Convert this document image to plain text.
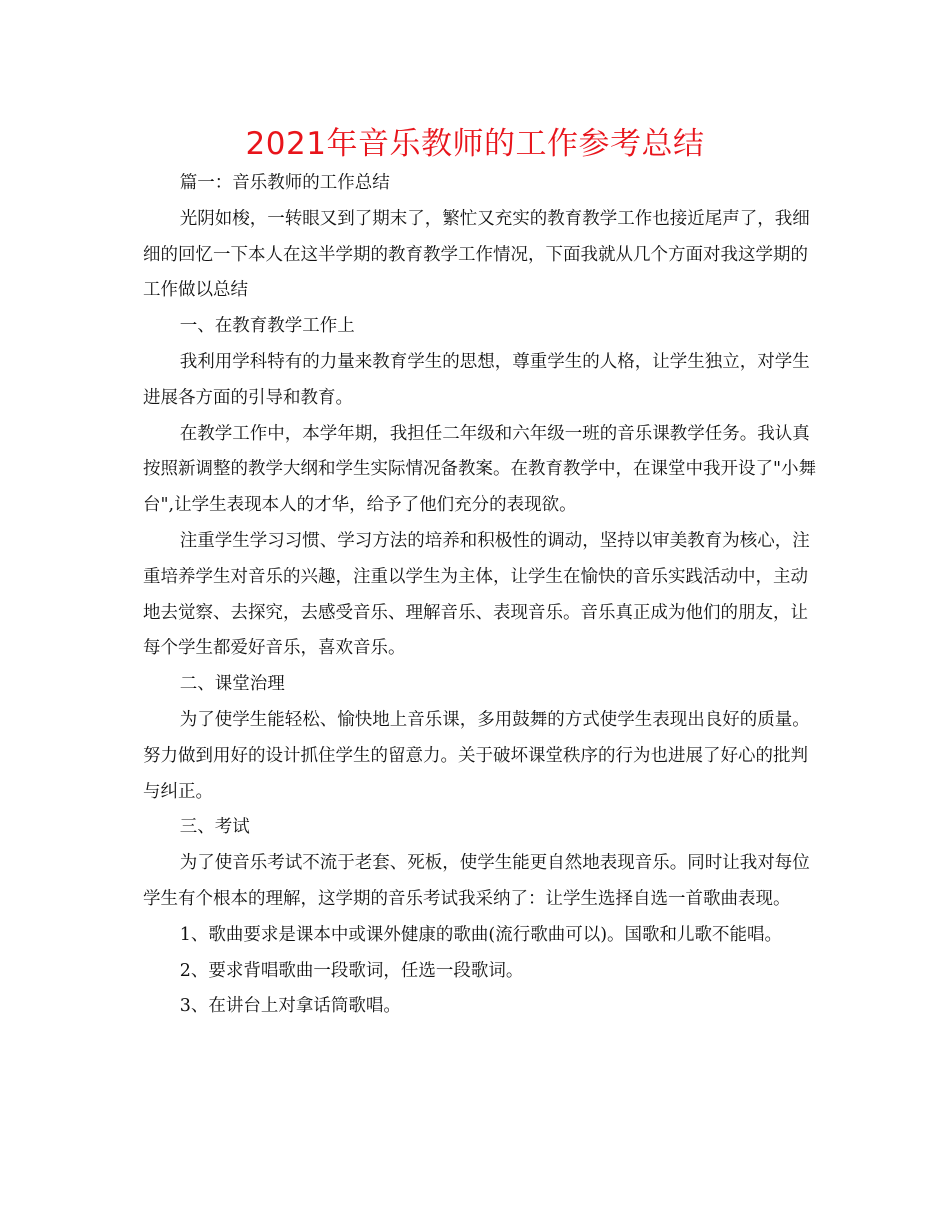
2021年音乐教师的工作参考总结

篇一：音乐教师的工作总结

光阴如梭，一转眼又到了期末了，繁忙又充实的教育教学工作也接近尾声了，我细细的回忆一下本人在这半学期的教育教学工作情况，下面我就从几个方面对我这学期的工作做以总结

一、在教育教学工作上

我利用学科特有的力量来教育学生的思想，尊重学生的人格，让学生独立，对学生进展各方面的引导和教育。

在教学工作中，本学年期，我担任二年级和六年级一班的音乐课教学任务。我认真按照新调整的教学大纲和学生实际情况备教案。在教育教学中，在课堂中我开设了"小舞台",让学生表现本人的才华，给予了他们充分的表现欲。

注重学生学习习惯、学习方法的培养和积极性的调动，坚持以审美教育为核心，注重培养学生对音乐的兴趣，注重以学生为主体，让学生在愉快的音乐实践活动中，主动地去觉察、去探究，去感受音乐、理解音乐、表现音乐。音乐真正成为他们的朋友，让每个学生都爱好音乐，喜欢音乐。

二、课堂治理

为了使学生能轻松、愉快地上音乐课，多用鼓舞的方式使学生表现出良好的质量。努力做到用好的设计抓住学生的留意力。关于破坏课堂秩序的行为也进展了好心的批判与纠正。

三、考试

为了使音乐考试不流于老套、死板，使学生能更自然地表现音乐。同时让我对每位学生有个根本的理解，这学期的音乐考试我采纳了：让学生选择自选一首歌曲表现。

1、歌曲要求是课本中或课外健康的歌曲(流行歌曲可以)。国歌和儿歌不能唱。

2、要求背唱歌曲一段歌词，任选一段歌词。

3、在讲台上对拿话筒歌唱。
